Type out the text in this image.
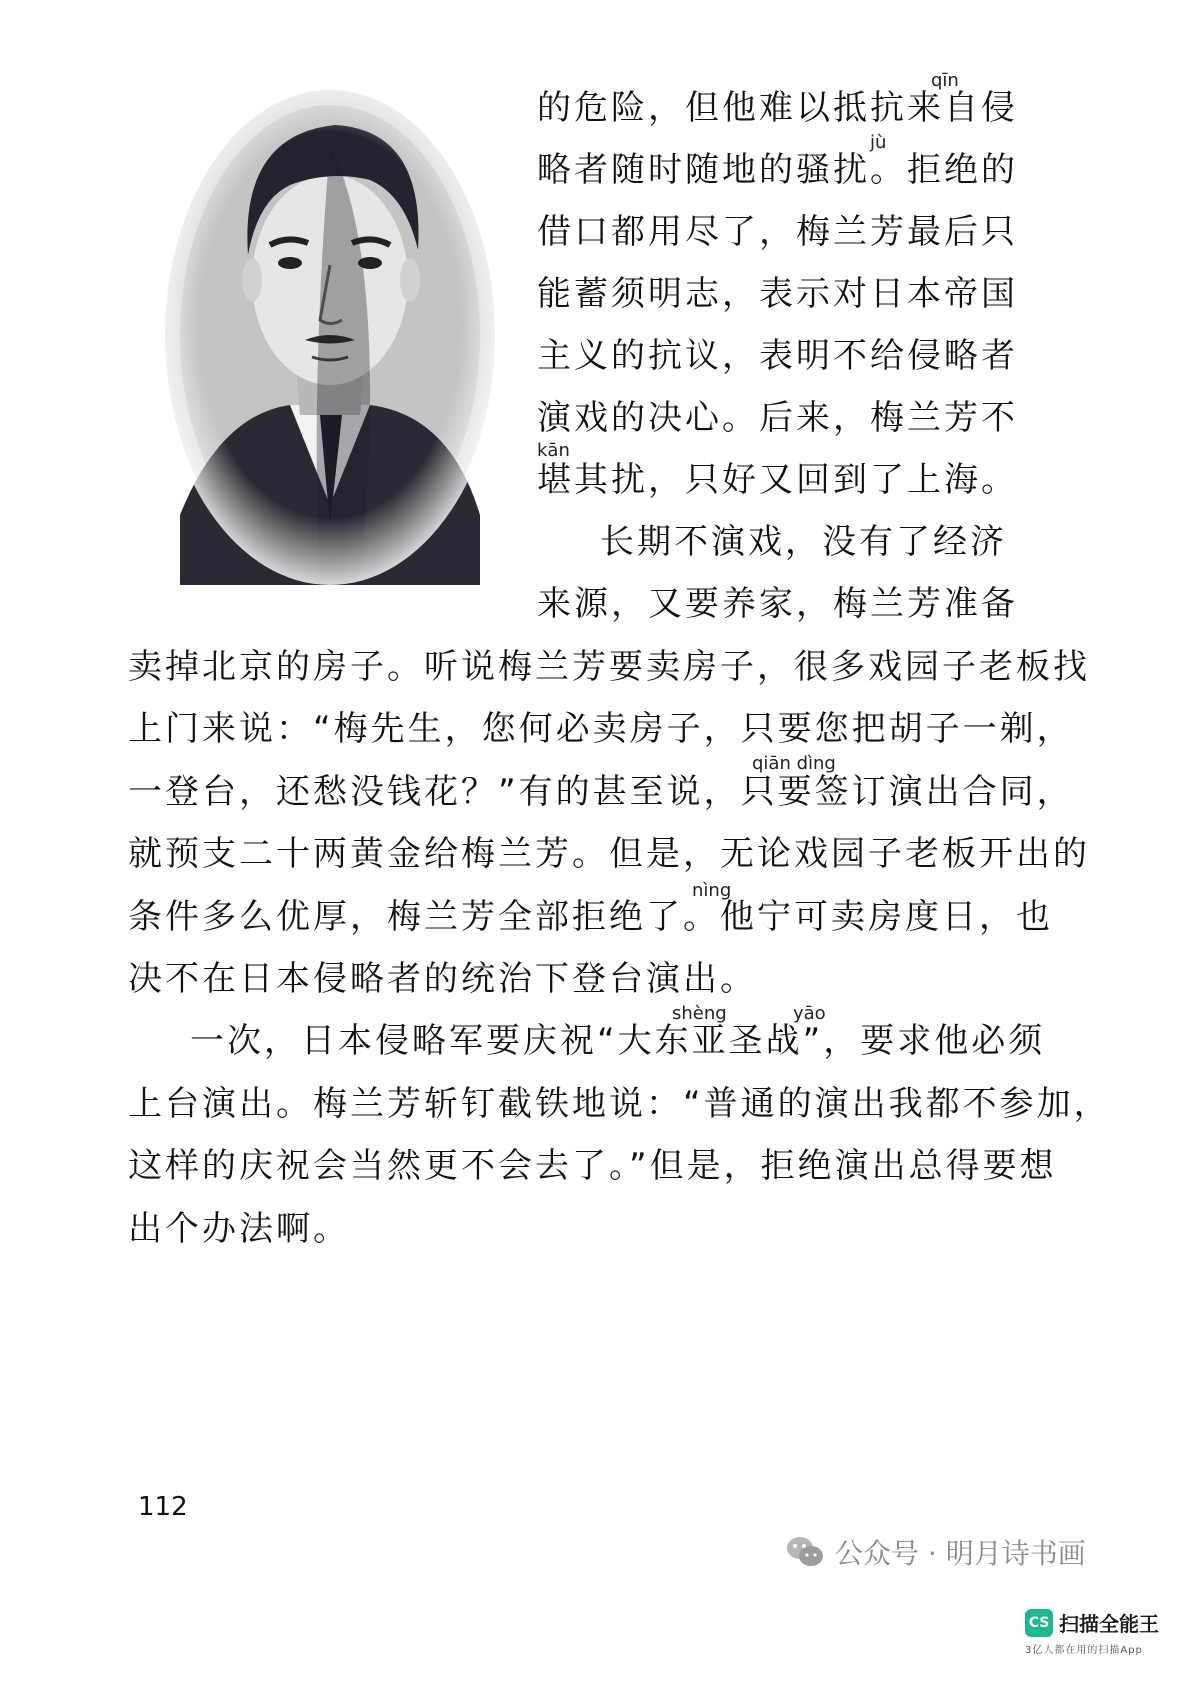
qīn
jù
kān
qiān dìng
nìng
shèng	yāo
的危险，但他难以抵抗来自侵
略者随时随地的骚扰。拒绝的
借口都用尽了，梅兰芳最后只
能蓄须明志，表示对日本帝国
主义的抗议，表明不给侵略者
演戏的决心。后来，梅兰芳不
堪其扰，只好又回到了上海。
长期不演戏，没有了经济
来源，又要养家，梅兰芳准备
卖掉北京的房子。听说梅兰芳要卖房子，很多戏园子老板找
上门来说：“梅先生，您何必卖房子，只要您把胡子一剃，
一登台，还愁没钱花？”有的甚至说，只要签订演出合同，
就预支二十两黄金给梅兰芳。但是，无论戏园子老板开出的
条件多么优厚，梅兰芳全部拒绝了。他宁可卖房度日，也
决不在日本侵略者的统治下登台演出。
一次，日本侵略军要庆祝“大东亚圣战”，要求他必须
上台演出。梅兰芳斩钉截铁地说：“普通的演出我都不参加，
这样的庆祝会当然更不会去了。”但是，拒绝演出总得要想
出个办法啊。
112
公众号 · 明月诗书画
CS 扫描全能王
3亿人都在用的扫描App
